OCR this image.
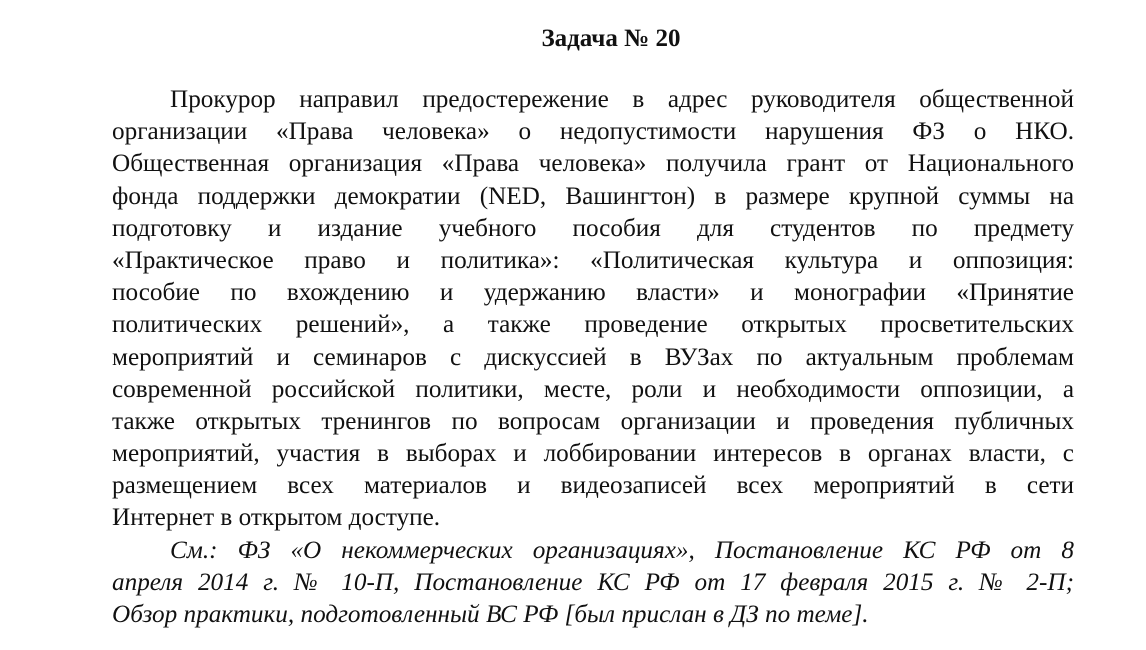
Задача № 20
Прокурор направил предостережение в адрес руководителя общественной
организации «Права человека» о недопустимости нарушения ФЗ о НКО.
Общественная организация «Права человека» получила грант от Национального
фонда поддержки демократии (NED, Вашингтон) в размере крупной суммы на
подготовку и издание учебного пособия для студентов по предмету
«Практическое право и политика»: «Политическая культура и оппозиция:
пособие по вхождению и удержанию власти» и монографии «Принятие
политических решений», а также проведение открытых просветительских
мероприятий и семинаров с дискуссией в ВУЗах по актуальным проблемам
современной российской политики, месте, роли и необходимости оппозиции, а
также открытых тренингов по вопросам организации и проведения публичных
мероприятий, участия в выборах и лоббировании интересов в органах власти, с
размещением всех материалов и видеозаписей всех мероприятий в сети
Интернет в открытом доступе.
См.: ФЗ «О некоммерческих организациях», Постановление КС РФ от 8
апреля 2014 г. № 10-П, Постановление КС РФ от 17 февраля 2015 г. № 2-П;
Обзор практики, подготовленный ВС РФ [был прислан в ДЗ по теме].
